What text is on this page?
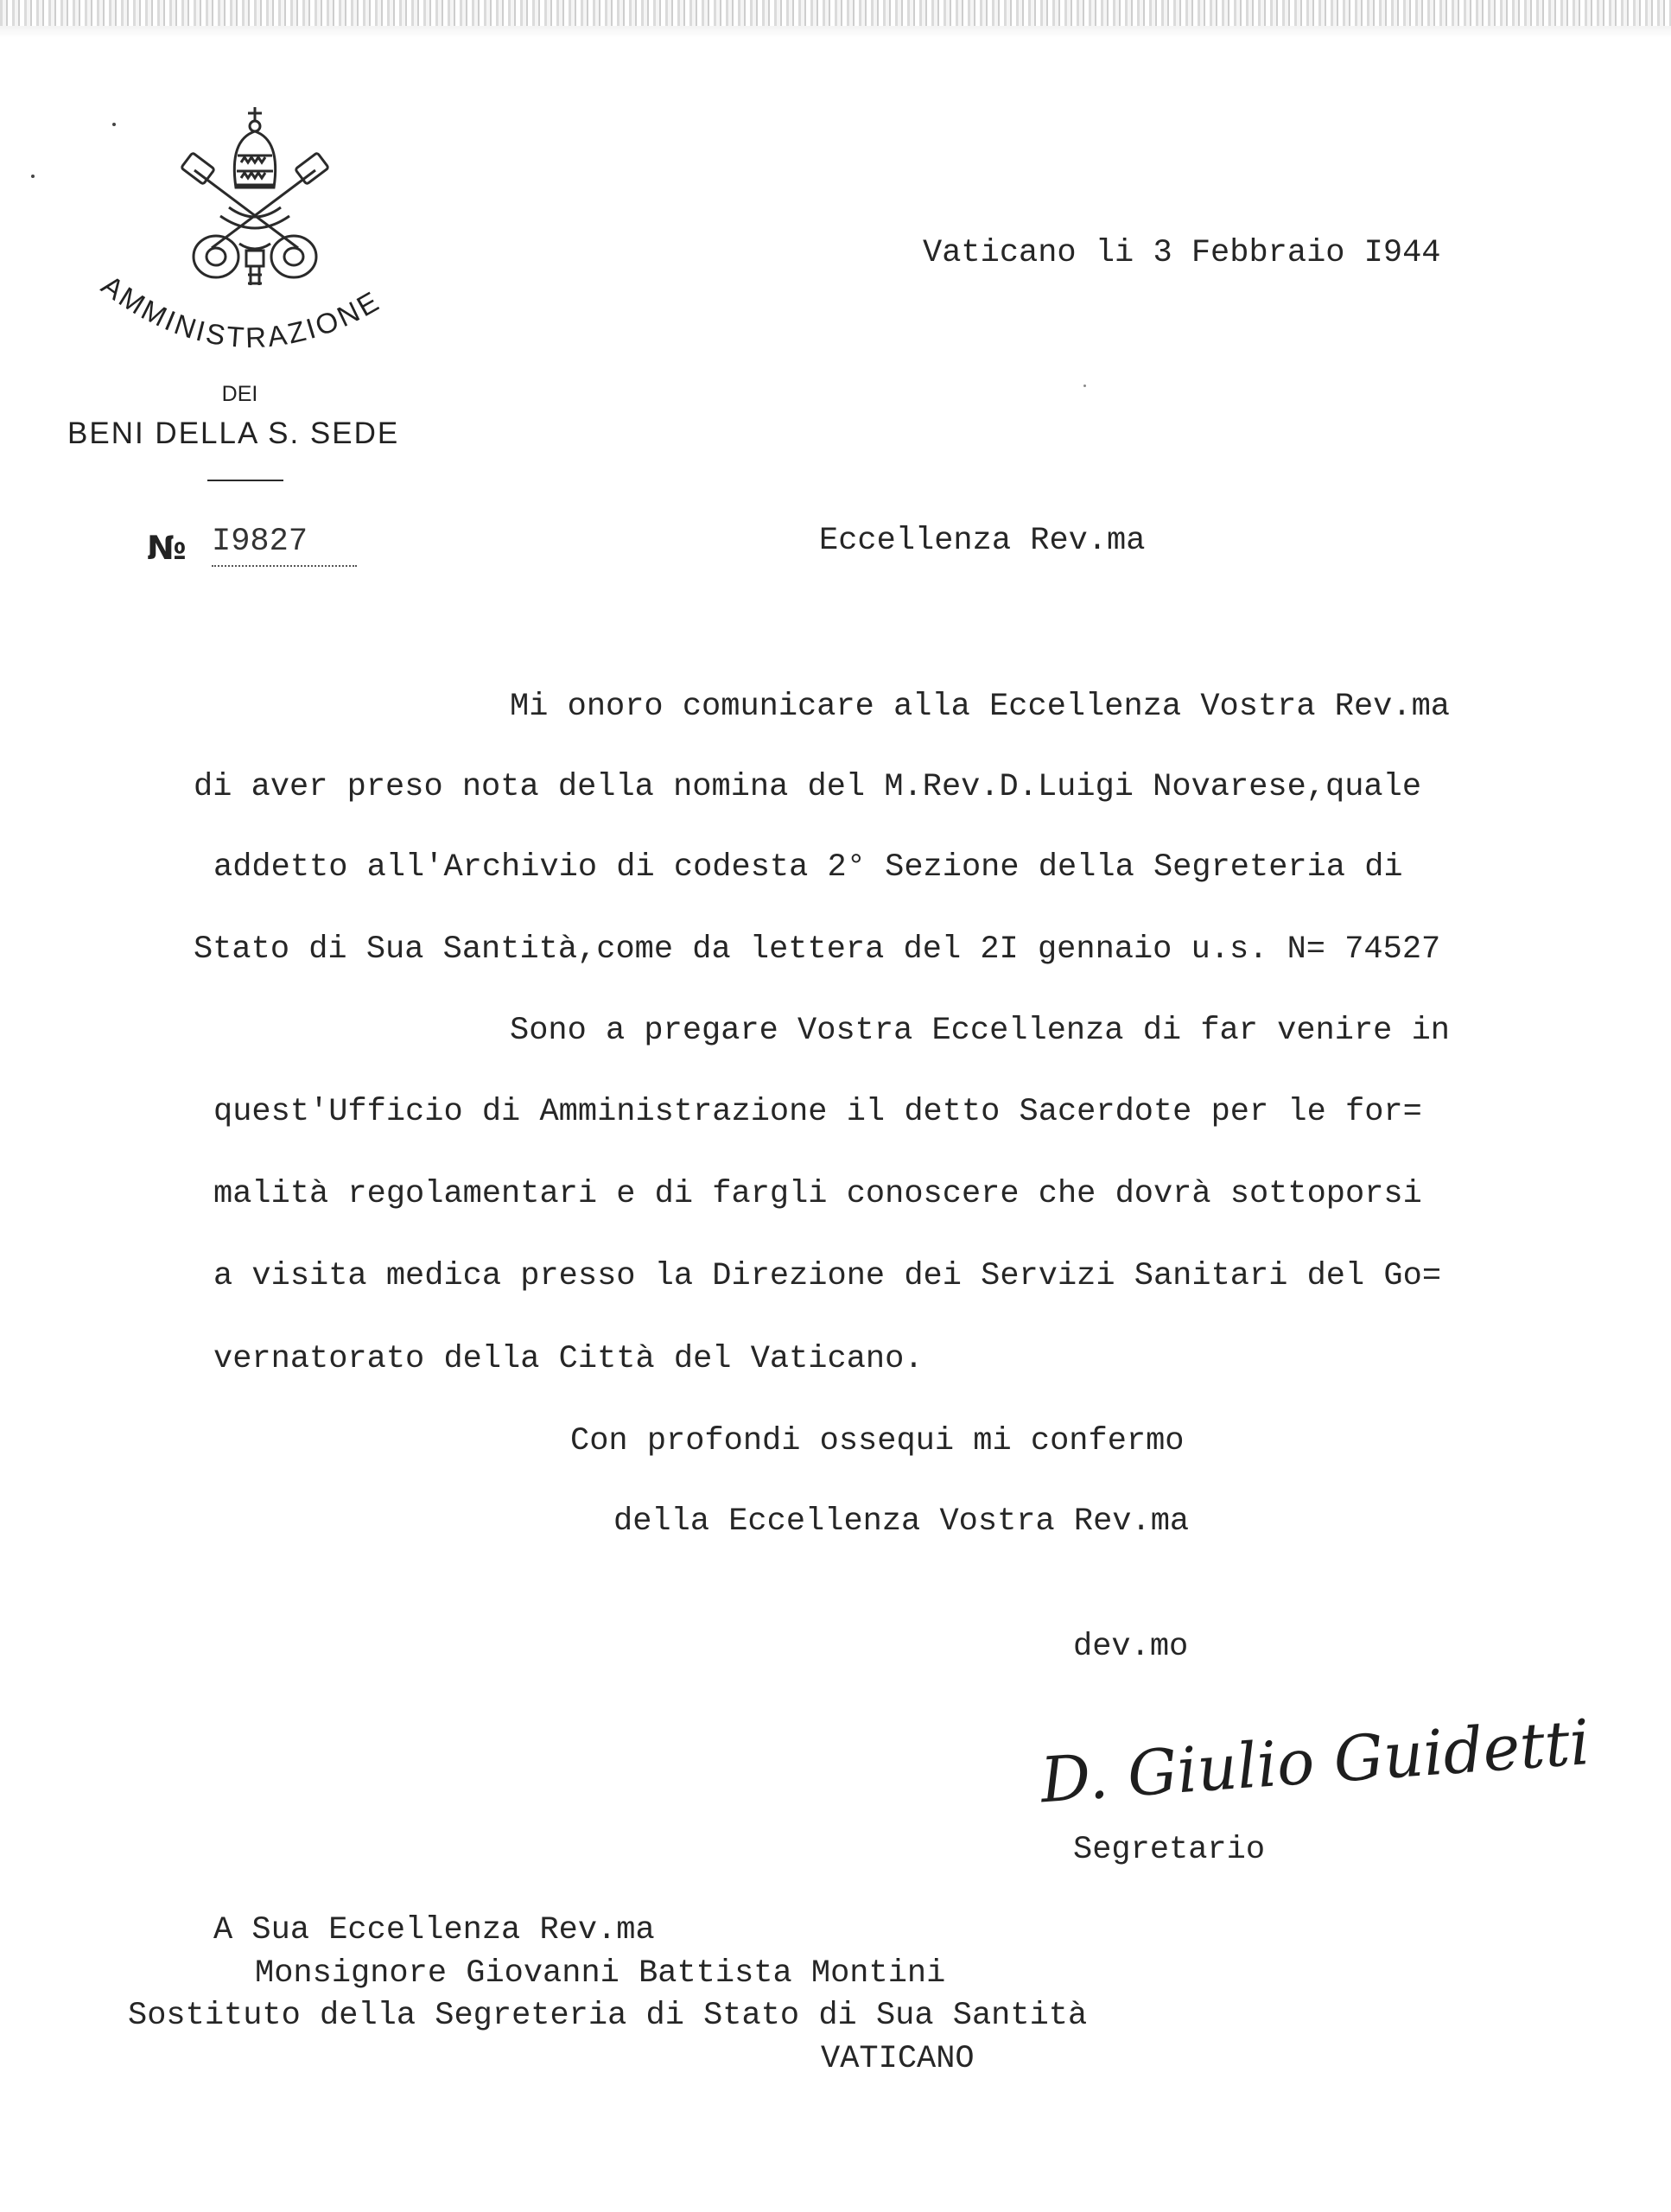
AMMINISTRAZIONE
DEI
BENI DELLA S. SEDE
№ I9827
Vaticano li 3 Febbraio I944
Eccellenza Rev.ma
Mi onoro comunicare alla Eccellenza Vostra Rev.ma
di aver preso nota della nomina del M.Rev.D.Luigi Novarese,quale
addetto all'Archivio di codesta 2° Sezione della Segreteria di
Stato di Sua Santità,come da lettera del 2I gennaio u.s. N= 74527
Sono a pregare Vostra Eccellenza di far venire in
quest'Ufficio di Amministrazione il detto Sacerdote per le for=
malità regolamentari e di fargli conoscere che dovrà sottoporsi
a visita medica presso la Direzione dei Servizi Sanitari del Go=
vernatorato della Città del Vaticano.
Con profondi ossequi mi confermo
della Eccellenza Vostra Rev.ma
dev.mo
D. Giulio Guidetti
Segretario
A Sua Eccellenza Rev.ma
Monsignore Giovanni Battista Montini
Sostituto della Segreteria di Stato di Sua Santità
VATICANO
